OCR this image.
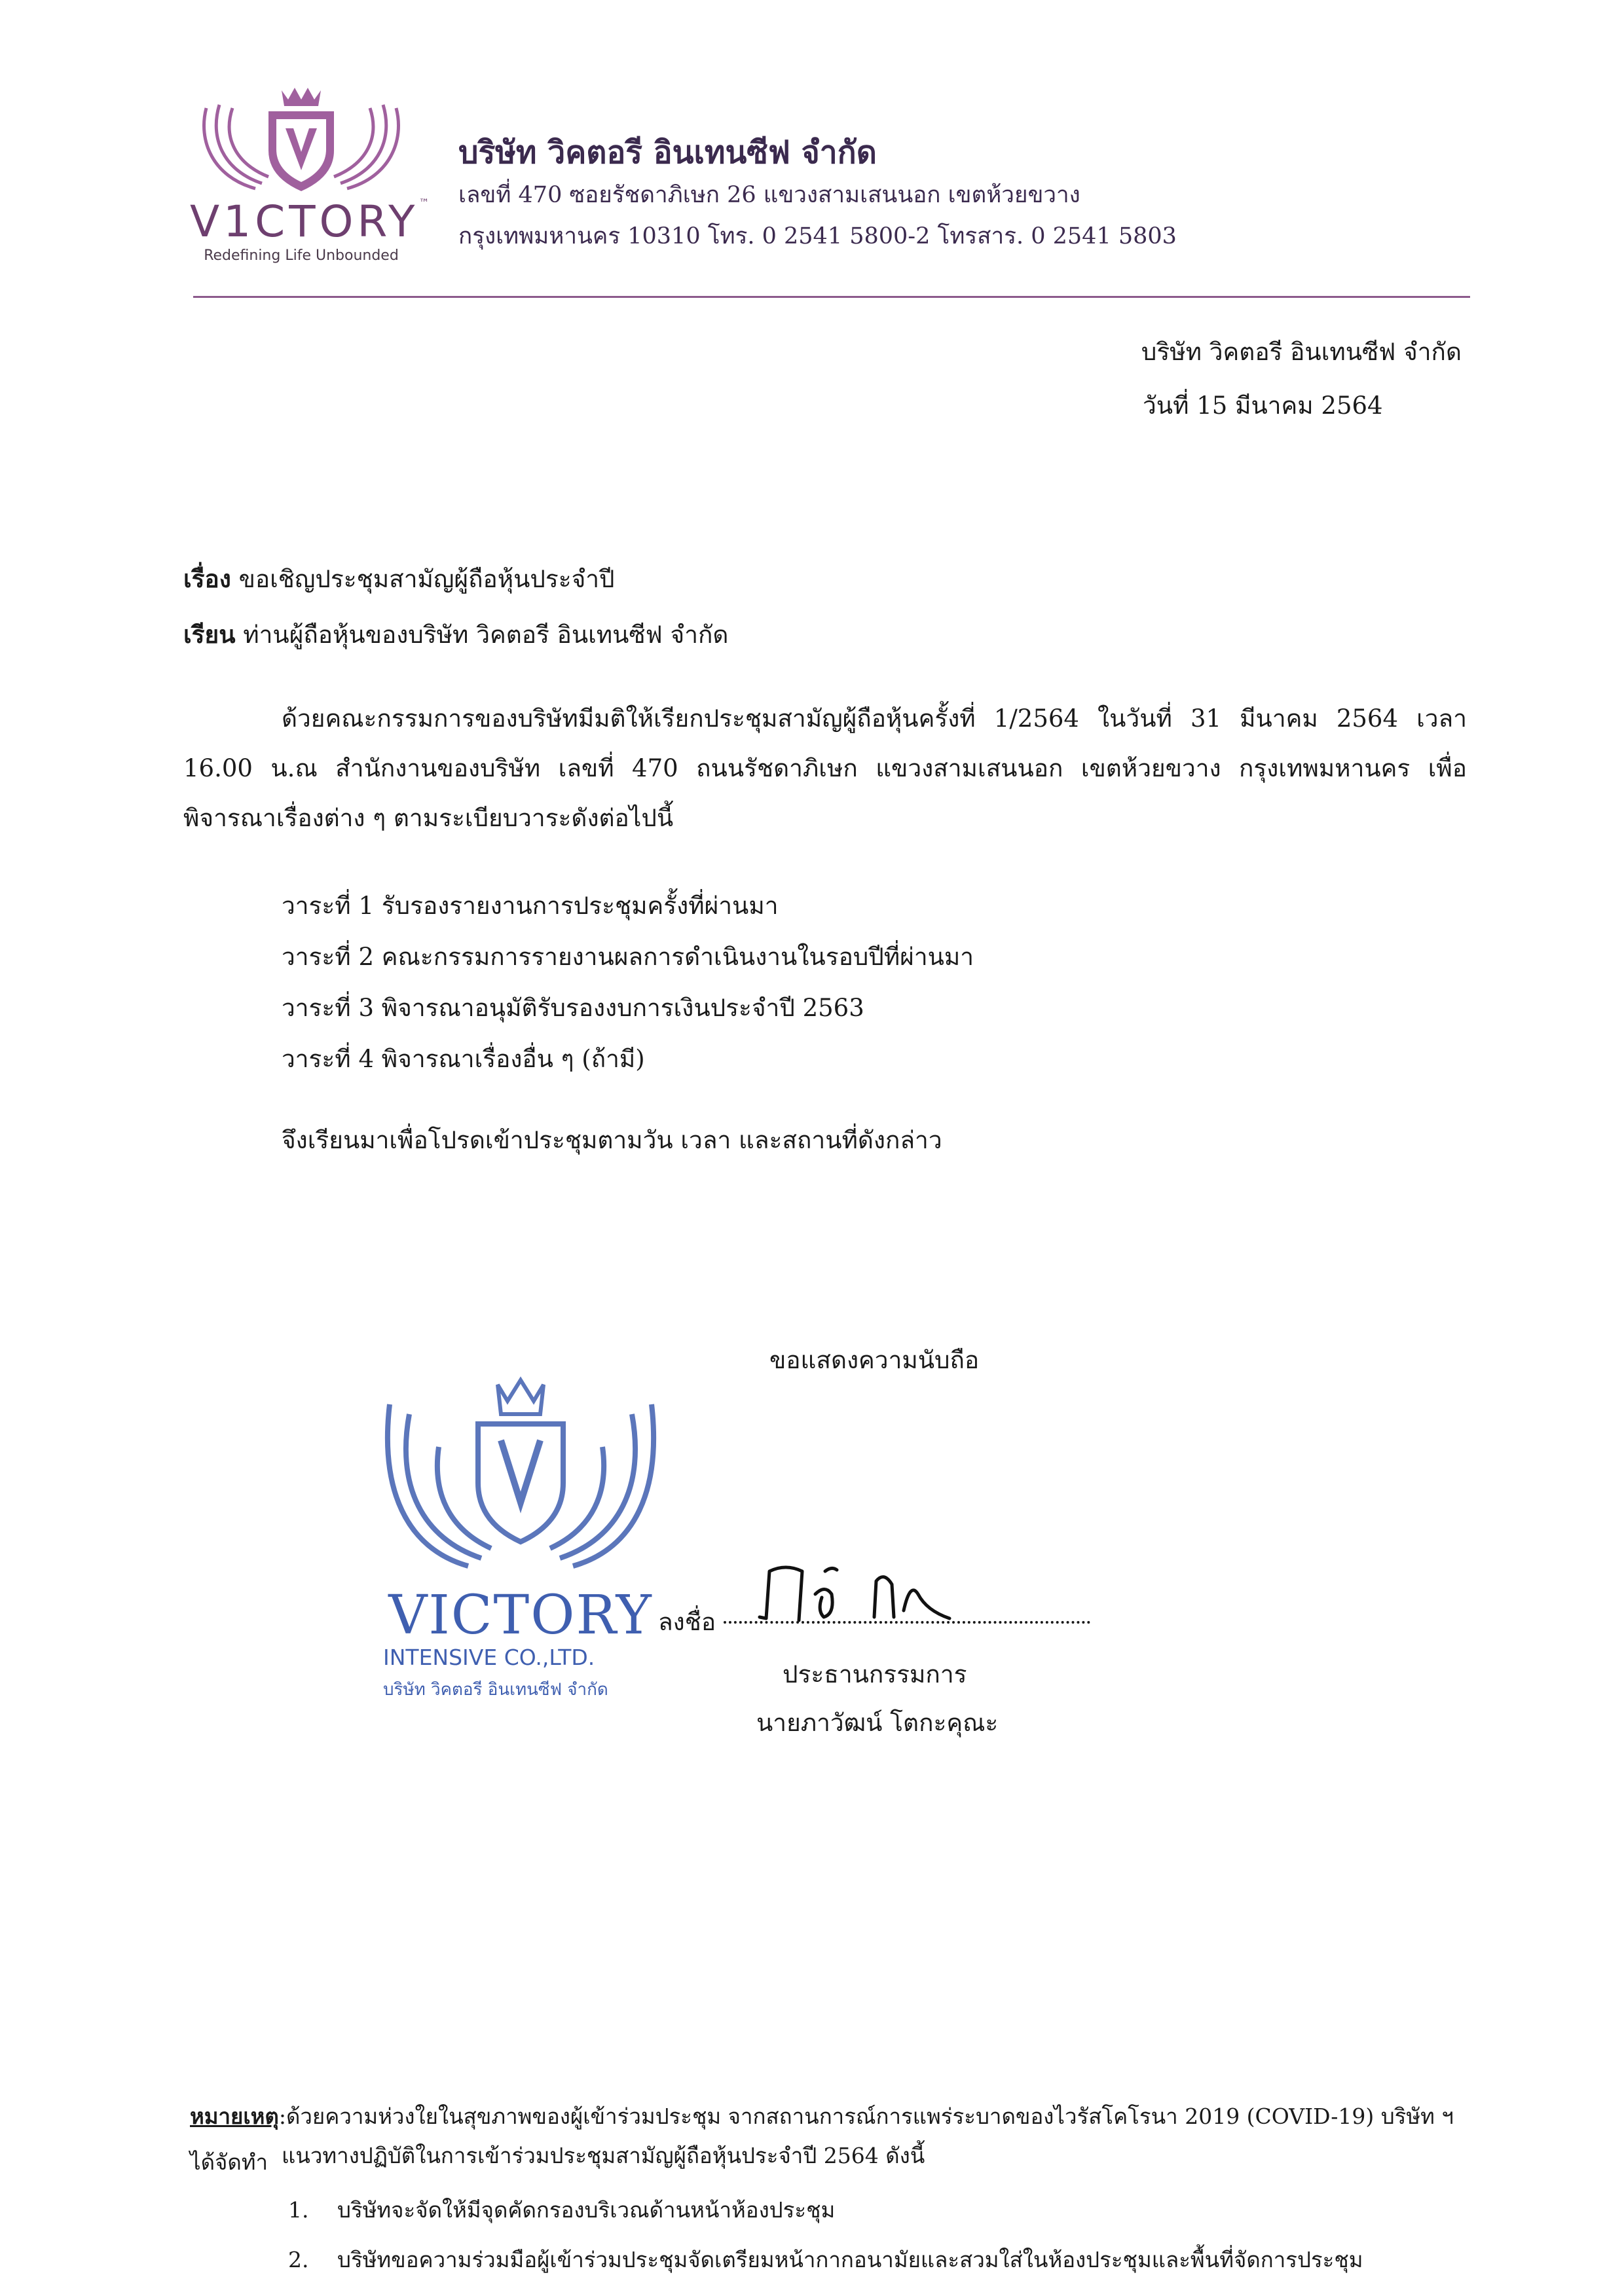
V1CTORY™
Redefining Life Unbounded
บริษัท วิคตอรี อินเทนซีฟ จำกัด
เลขที่ 470 ซอยรัชดาภิเษก 26 แขวงสามเสนนอก เขตห้วยขวาง
กรุงเทพมหานคร 10310 โทร. 0 2541 5800-2 โทรสาร. 0 2541 5803
บริษัท วิคตอรี อินเทนซีฟ จำกัด
วันที่ 15 มีนาคม 2564
เรื่อง ขอเชิญประชุมสามัญผู้ถือหุ้นประจำปี
เรียน ท่านผู้ถือหุ้นของบริษัท วิคตอรี อินเทนซีฟ จำกัด
ด้วยคณะกรรมการของบริษัทมีมติให้เรียกประชุมสามัญผู้ถือหุ้นครั้งที่ 1/2564 ในวันที่ 31 มีนาคม 2564 เวลา 16.00 น.ณ สำนักงานของบริษัท เลขที่ 470 ถนนรัชดาภิเษก แขวงสามเสนนอก เขตห้วยขวาง กรุงเทพมหานคร เพื่อพิจารณาเรื่องต่าง ๆ ตามระเบียบวาระดังต่อไปนี้
วาระที่ 1 รับรองรายงานการประชุมครั้งที่ผ่านมา
วาระที่ 2 คณะกรรมการรายงานผลการดำเนินงานในรอบปีที่ผ่านมา
วาระที่ 3 พิจารณาอนุมัติรับรองงบการเงินประจำปี 2563
วาระที่ 4 พิจารณาเรื่องอื่น ๆ (ถ้ามี)
จึงเรียนมาเพื่อโปรดเข้าประชุมตามวัน เวลา และสถานที่ดังกล่าว
ขอแสดงความนับถือ
VICTORY
INTENSIVE CO.,LTD.
บริษัท วิคตอรี อินเทนซีฟ จำกัด
ลงชื่อ
ประธานกรรมการ
นายภาวัฒน์ โตกะคุณะ
หมายเหตุ:ด้วยความห่วงใยในสุขภาพของผู้เข้าร่วมประชุม จากสถานการณ์การแพร่ระบาดของไวรัสโคโรนา 2019 (COVID-19) บริษัท ฯ ได้จัดทำ แนวทางปฏิบัติในการเข้าร่วมประชุมสามัญผู้ถือหุ้นประจำปี 2564 ดังนี้
1. บริษัทจะจัดให้มีจุดคัดกรองบริเวณด้านหน้าห้องประชุม
2. บริษัทขอความร่วมมือผู้เข้าร่วมประชุมจัดเตรียมหน้ากากอนามัยและสวมใส่ในห้องประชุมและพื้นที่จัดการประชุม
